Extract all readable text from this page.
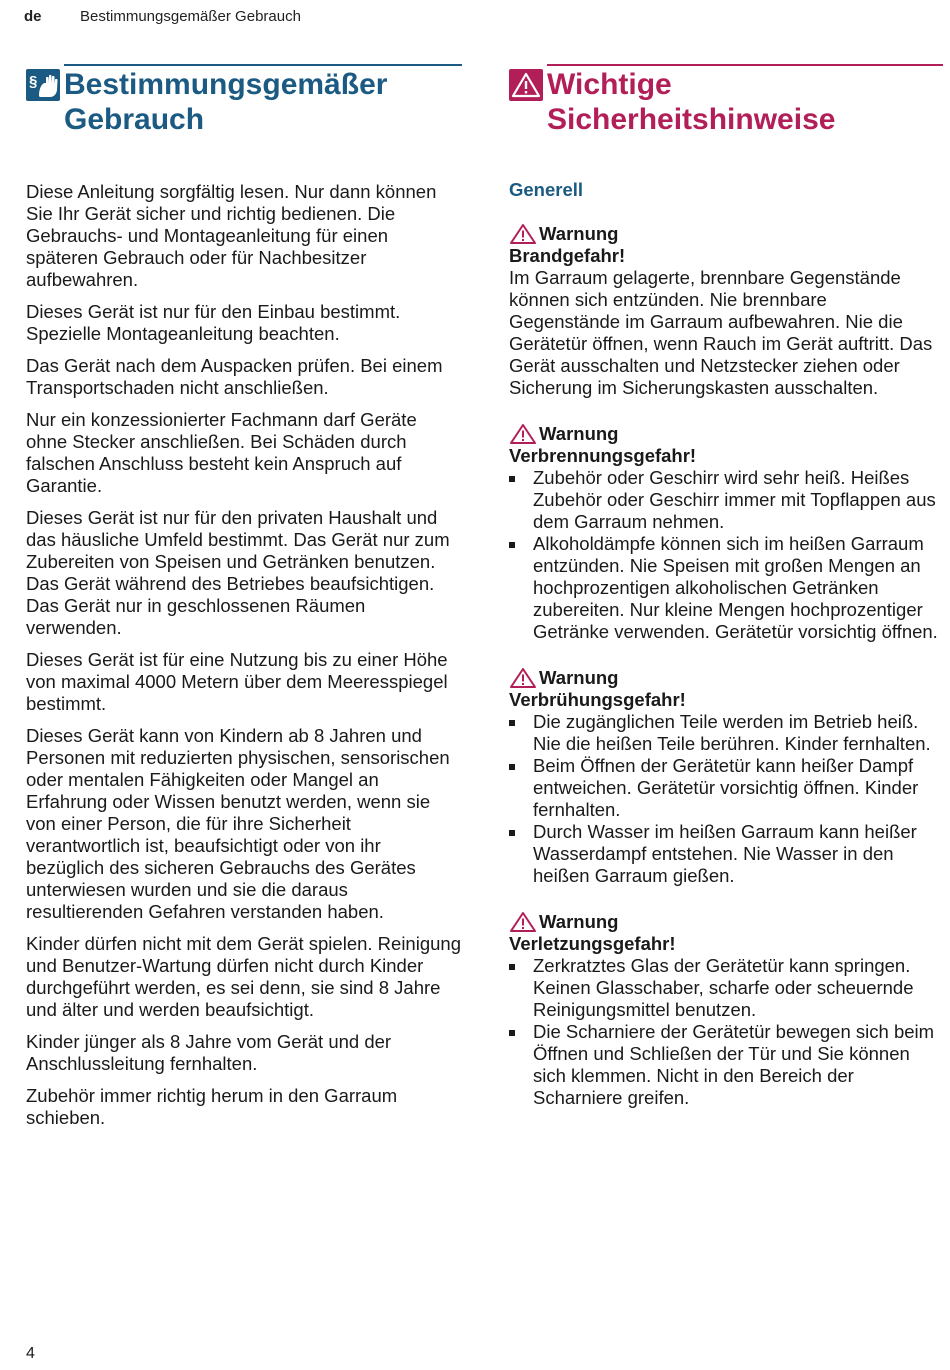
de	Bestimmungsgemäßer Gebrauch
§ Bestimmungsgemäßer
Gebrauch

Diese Anleitung sorgfältig lesen. Nur dann können Sie Ihr Gerät sicher und richtig bedienen. Die Gebrauchs- und Montageanleitung für einen späteren Gebrauch oder für Nachbesitzer aufbewahren.

Dieses Gerät ist nur für den Einbau bestimmt. Spezielle Montageanleitung beachten.

Das Gerät nach dem Auspacken prüfen. Bei einem Transportschaden nicht anschließen.

Nur ein konzessionierter Fachmann darf Geräte ohne Stecker anschließen. Bei Schäden durch falschen Anschluss besteht kein Anspruch auf Garantie.

Dieses Gerät ist nur für den privaten Haushalt und das häusliche Umfeld bestimmt. Das Gerät nur zum Zubereiten von Speisen und Getränken benutzen. Das Gerät während des Betriebes beaufsichtigen. Das Gerät nur in geschlossenen Räumen verwenden.

Dieses Gerät ist für eine Nutzung bis zu einer Höhe von maximal 4000 Metern über dem Meeresspiegel bestimmt.

Dieses Gerät kann von Kindern ab 8 Jahren und Personen mit reduzierten physischen, sensorischen oder mentalen Fähigkeiten oder Mangel an Erfahrung oder Wissen benutzt werden, wenn sie von einer Person, die für ihre Sicherheit verantwortlich ist, beaufsichtigt oder von ihr bezüglich des sicheren Gebrauchs des Gerätes unterwiesen wurden und sie die daraus resultierenden Gefahren verstanden haben.

Kinder dürfen nicht mit dem Gerät spielen. Reinigung und Benutzer-Wartung dürfen nicht durch Kinder durchgeführt werden, es sei denn, sie sind 8 Jahre und älter und werden beaufsichtigt.

Kinder jünger als 8 Jahre vom Gerät und der Anschlussleitung fernhalten.

Zubehör immer richtig herum in den Garraum schieben.

Wichtige
Sicherheitshinweise
Generell
Warnung
Brandgefahr!

Im Garraum gelagerte, brennbare Gegenstände können sich entzünden. Nie brennbare Gegenstände im Garraum aufbewahren. Nie die Gerätetür öffnen, wenn Rauch im Gerät auftritt. Das Gerät ausschalten und Netzstecker ziehen oder Sicherung im Sicherungskasten ausschalten.

Warnung
Verbrennungsgefahr!
Zubehör oder Geschirr wird sehr heiß. Heißes Zubehör oder Geschirr immer mit Topflappen aus dem Garraum nehmen.
Alkoholdämpfe können sich im heißen Garraum entzünden. Nie Speisen mit großen Mengen an hochprozentigen alkoholischen Getränken zubereiten. Nur kleine Mengen hochprozentiger Getränke verwenden. Gerätetür vorsichtig öffnen.
Warnung
Verbrühungsgefahr!
Die zugänglichen Teile werden im Betrieb heiß. Nie die heißen Teile berühren. Kinder fernhalten.
Beim Öffnen der Gerätetür kann heißer Dampf entweichen. Gerätetür vorsichtig öffnen. Kinder fernhalten.
Durch Wasser im heißen Garraum kann heißer Wasserdampf entstehen. Nie Wasser in den heißen Garraum gießen.
Warnung
Verletzungsgefahr!
Zerkratztes Glas der Gerätetür kann springen. Keinen Glasschaber, scharfe oder scheuernde Reinigungsmittel benutzen.
Die Scharniere der Gerätetür bewegen sich beim Öffnen und Schließen der Tür und Sie können sich klemmen. Nicht in den Bereich der Scharniere greifen.
4
